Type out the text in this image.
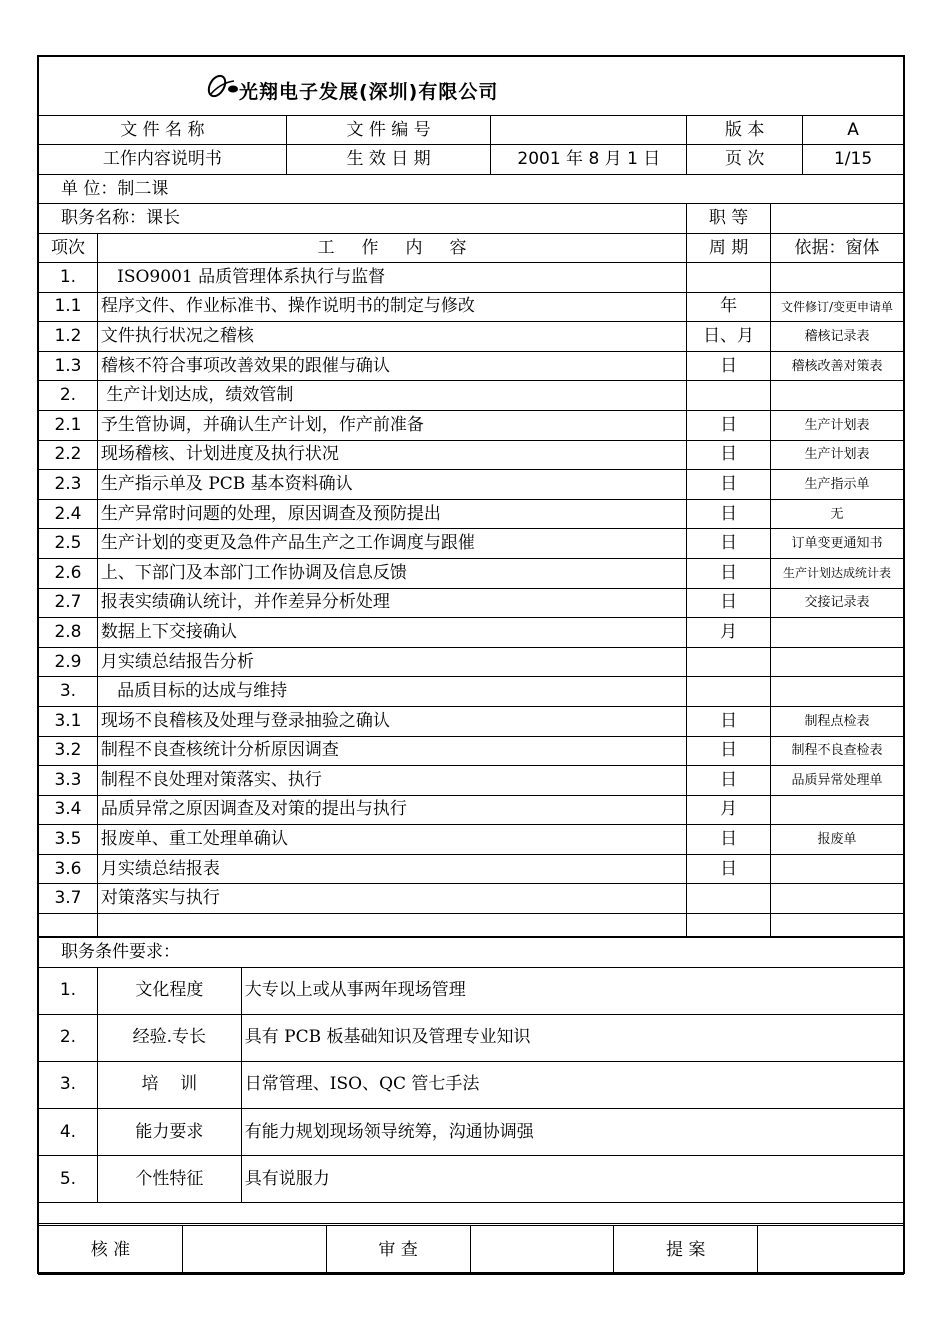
光翔电子发展(深圳)有限公司
文 件 名 称	文 件 编 号		版 本	A
工作内容说明书	生 效 日 期	2001 年 8 月 1 日	页 次	1/15
单 位：制二课				
职务名称：课长		职 等	
项次	工     作     内     容	周 期	依据：窗体
1.	ISO9001 品质管理体系执行与监督		
1.1	程序文件、作业标准书、操作说明书的制定与修改	年	文件修订/变更申请单
1.2	文件执行状况之稽核	日、月	稽核记录表
1.3	稽核不符合事项改善效果的跟催与确认	日	稽核改善对策表
2.	生产计划达成，绩效管制		
2.1	予生管协调，并确认生产计划，作产前准备	日	生产计划表
2.2	现场稽核、计划进度及执行状况	日	生产计划表
2.3	生产指示单及 PCB 基本资料确认	日	生产指示单
2.4	生产异常时问题的处理，原因调查及预防提出	日	无
2.5	生产计划的变更及急件产品生产之工作调度与跟催	日	订单变更通知书
2.6	上、下部门及本部门工作协调及信息反馈	日	生产计划达成统计表
2.7	报表实绩确认统计，并作差异分析处理	日	交接记录表
2.8	数据上下交接确认	月	
2.9	月实绩总结报告分析		
3.	品质目标的达成与维持		
3.1	现场不良稽核及处理与登录抽验之确认	日	制程点检表
3.2	制程不良查核统计分析原因调查	日	制程不良查检表
3.3	制程不良处理对策落实、执行	日	品质异常处理单
3.4	品质异常之原因调查及对策的提出与执行	月	
3.5	报废单、重工处理单确认	日	报废单
3.6	月实绩总结报表	日	
3.7	对策落实与执行		

职务条件要求：		
1.	文化程度	大专以上或从事两年现场管理
2.	经验.专长	具有 PCB 板基础知识及管理专业知识
3.	培    训	日常管理、ISO、QC 管七手法
4.	能力要求	有能力规划现场领导统筹，沟通协调强
5.	个性特征	具有说服力

核 准		审 查		提 案	
